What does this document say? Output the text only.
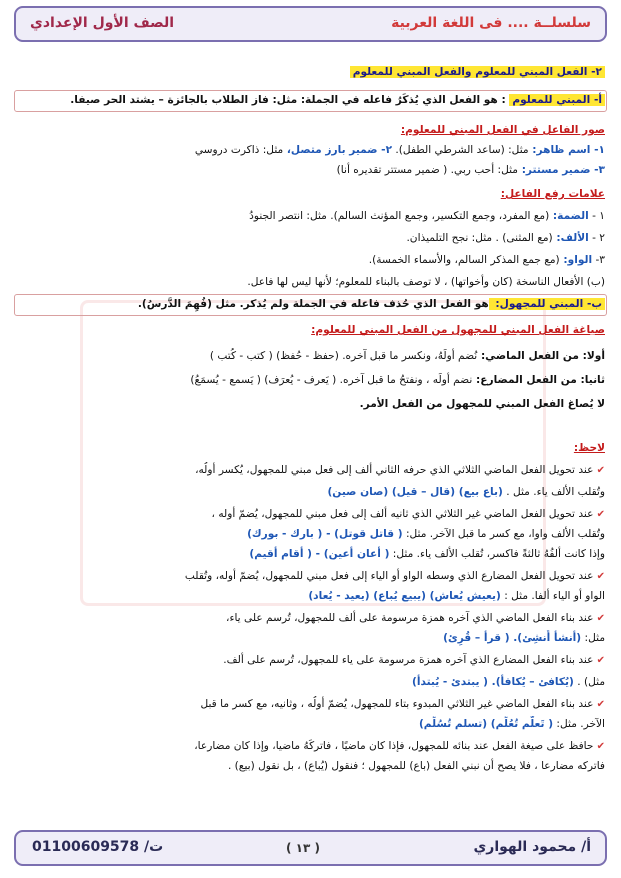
سلسلــة .... فى اللغة العربية
الصف الأول الإعدادي
٢- الفعل المبني للمعلوم والفعل المبني للمعلوم
أ- المبني للمعلوم : هو الفعل الذي يُذكَرُ فاعله في الجملة: مثل: فاز الطلاب بالجائزة – يشتد الحر صيفا.
صور الفاعل في الفعل المبني للمعلوم:
١- اسم ظاهر: مثل: (ساعد الشرطي الطفل). ٢- ضمير بارز متصل، مثل: ذاكرت دروسي
٣- ضمير مستتر: مثل: أحب ربي. ( ضمير مستتر تقديره أنا)
علامات رفع الفاعل:
١ - الضمة: (مع المفرد، وجمع التكسير، وجمع المؤنث السالم). مثل: انتصر الجنودُ
٢ - الألف: (مع المثنى) . مثل: نجح التلميذان.
٣- الواو: (مع جمع المذكر السالم، والأسماء الخمسة).
(ب) الأفعال الناسخة (كان وأخواتها) ، لا توصف بالبناء للمعلوم؛ لأنها ليس لها فاعل.
ب- المبني للمجهول: هو الفعل الذي حُذف فاعله في الجملة ولم يُذكر. مثل (فُهِمَ الدَّرسُ).
صياغة الفعل المبني للمجهول من الفعل المبني للمعلوم:
أولا: من الفعل الماضي: نُضم أولَهُ، ونكسر ما قبل آخره. (حفظ - حُفظ) ( كتب - كُتب )
ثانيا: من الفعل المضارع: نضم أولَه ، ونفتحُ ما قبل آخره. ( يَعرف - يُعرَف) ( يَسمع - يُسمَعُ)
لا يُصاغ الفعل المبني للمجهول من الفعل الأمر.
لاحظ:
✔ عند تحويل الفعل الماضي الثلاثي الذي حرفه الثاني ألف إلى فعل مبني للمجهول، يُكسر أولُه،
وتُقلب الألف ياء. مثل . (باع بيع) (قال – قيل) (صان صين)
✔ عند تحويل الفعل الماضي غير الثلاثي الذي ثانيه ألف إلى فعل مبني للمجهول، يُضمّ أوله ،
وتُقلب الألف واوا، مع كسر ما قبل الآخر. مثل: ( قاتل قوتل) - ( بارك - بورك)
وإذا كانت ألفُهُ ثالثةً فاكسر، تُقلب الألف ياء. مثل: ( أعان أعين) - ( أقام أقيم)
✔ عند تحويل الفعل المضارع الذي وسطه الواو أو الياء إلى فعل مبني للمجهول، يُضمّ أوله، وتُقلب
الواو أو الياء ألفا. مثل : (يعيش يُعاش) (يبيع يُباع) (يعيد - يُعاد)
✔ عند بناء الفعل الماضي الذي آخره همزة مرسومة على ألف للمجهول، تُرسم على ياء،
مثل: (أنشأ أُنشِئ). ( قرأ – قُرِئ)
✔ عند بناء الفعل المضارع الذي آخره همزة مرسومة على ياء للمجهول، تُرسم على ألف.
مثل) . (يُكافئ – يُكافأ). ( يبتدئ - يُبتدأ)
✔ عند بناء الفعل الماضي غير الثلاثي المبدوء بتاء للمجهول، يُضمّ أولُه ، وثانيه، مع كسر ما قبل
الآخر. مثل: ( تَعلّم تُعُلِّم) (تسلم تُسُلِّم)
✔ حافظ على صيغة الفعل عند بنائه للمجهول، فإذا كان ماضيًا ، فاتركَهُ ماضيا، وإذا كان مضارعا،
فاتركه مضارعا ، فلا يصح أن نبني الفعل (باع) للمجهول ؛ فنقول (يُباع) ، بل نقول (بيع) .
أ/ محمود الهواري
( ١٣ )
ت/ 01100609578
